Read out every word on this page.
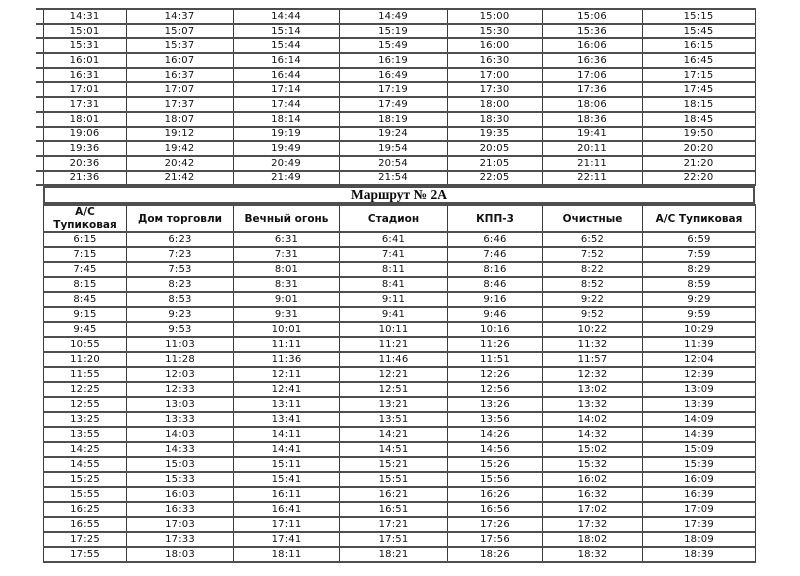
	14:31	14:37	14:44	14:49	15:00	15:06	15:15
	15:01	15:07	15:14	15:19	15:30	15:36	15:45
	15:31	15:37	15:44	15:49	16:00	16:06	16:15
	16:01	16:07	16:14	16:19	16:30	16:36	16:45
	16:31	16:37	16:44	16:49	17:00	17:06	17:15
	17:01	17:07	17:14	17:19	17:30	17:36	17:45
	17:31	17:37	17:44	17:49	18:00	18:06	18:15
	18:01	18:07	18:14	18:19	18:30	18:36	18:45
	19:06	19:12	19:19	19:24	19:35	19:41	19:50
	19:36	19:42	19:49	19:54	20:05	20:11	20:20
	20:36	20:42	20:49	20:54	21:05	21:11	21:20
	21:36	21:42	21:49	21:54	22:05	22:11	22:20
Маршрут № 2А
А/С Тупиковая	Дом торговли	Вечный огонь	Стадион	КПП-3	Очистные	А/С Тупиковая
6:15	6:23	6:31	6:41	6:46	6:52	6:59
7:15	7:23	7:31	7:41	7:46	7:52	7:59
7:45	7:53	8:01	8:11	8:16	8:22	8:29
8:15	8:23	8:31	8:41	8:46	8:52	8:59
8:45	8:53	9:01	9:11	9:16	9:22	9:29
9:15	9:23	9:31	9:41	9:46	9:52	9:59
9:45	9:53	10:01	10:11	10:16	10:22	10:29
10:55	11:03	11:11	11:21	11:26	11:32	11:39
11:20	11:28	11:36	11:46	11:51	11:57	12:04
11:55	12:03	12:11	12:21	12:26	12:32	12:39
12:25	12:33	12:41	12:51	12:56	13:02	13:09
12:55	13:03	13:11	13:21	13:26	13:32	13:39
13:25	13:33	13:41	13:51	13:56	14:02	14:09
13:55	14:03	14:11	14:21	14:26	14:32	14:39
14:25	14:33	14:41	14:51	14:56	15:02	15:09
14:55	15:03	15:11	15:21	15:26	15:32	15:39
15:25	15:33	15:41	15:51	15:56	16:02	16:09
15:55	16:03	16:11	16:21	16:26	16:32	16:39
16:25	16:33	16:41	16:51	16:56	17:02	17:09
16:55	17:03	17:11	17:21	17:26	17:32	17:39
17:25	17:33	17:41	17:51	17:56	18:02	18:09
17:55	18:03	18:11	18:21	18:26	18:32	18:39
